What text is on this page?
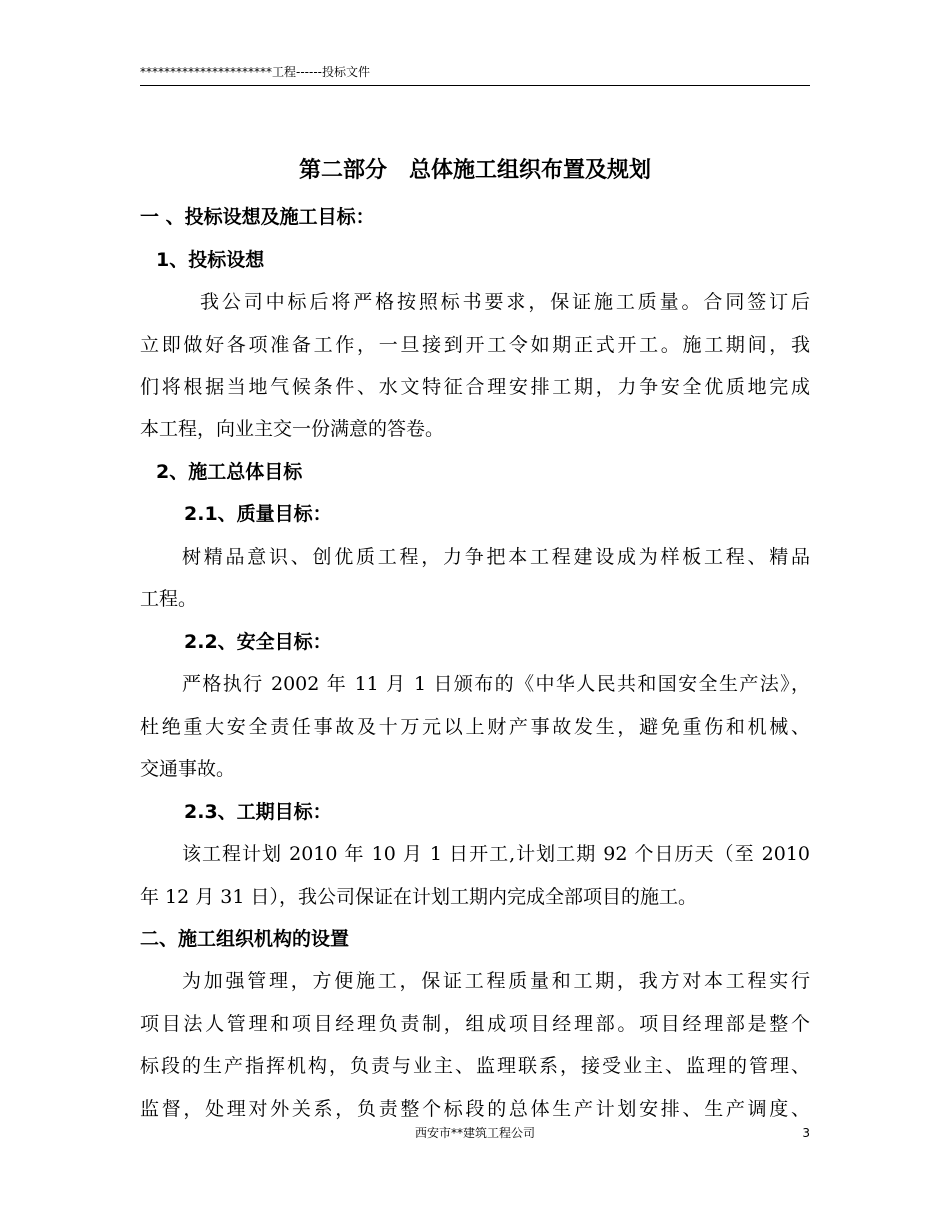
**********************工程------投标文件
第二部分　总体施工组织布置及规划
一 、投标设想及施工目标：
1、投标设想
我公司中标后将严格按照标书要求，保证施工质量。合同签订后
立即做好各项准备工作，一旦接到开工令如期正式开工。施工期间，我
们将根据当地气候条件、水文特征合理安排工期，力争安全优质地完成
本工程，向业主交一份满意的答卷。
2、施工总体目标
2.1、质量目标：
树精品意识、创优质工程，力争把本工程建设成为样板工程、精品
工程。
2.2、安全目标：
严格执行 2002 年 11 月 1 日颁布的《中华人民共和国安全生产法》，
杜绝重大安全责任事故及十万元以上财产事故发生，避免重伤和机械、
交通事故。
2.3、工期目标：
该工程计划 2010 年 10 月 1 日开工,计划工期 92 个日历天（至 2010
年 12 月 31 日），我公司保证在计划工期内完成全部项目的施工。
二、施工组织机构的设置
为加强管理，方便施工，保证工程质量和工期，我方对本工程实行
项目法人管理和项目经理负责制，组成项目经理部。项目经理部是整个
标段的生产指挥机构，负责与业主、监理联系，接受业主、监理的管理、
监督，处理对外关系，负责整个标段的总体生产计划安排、生产调度、
西安市**建筑工程公司	3
